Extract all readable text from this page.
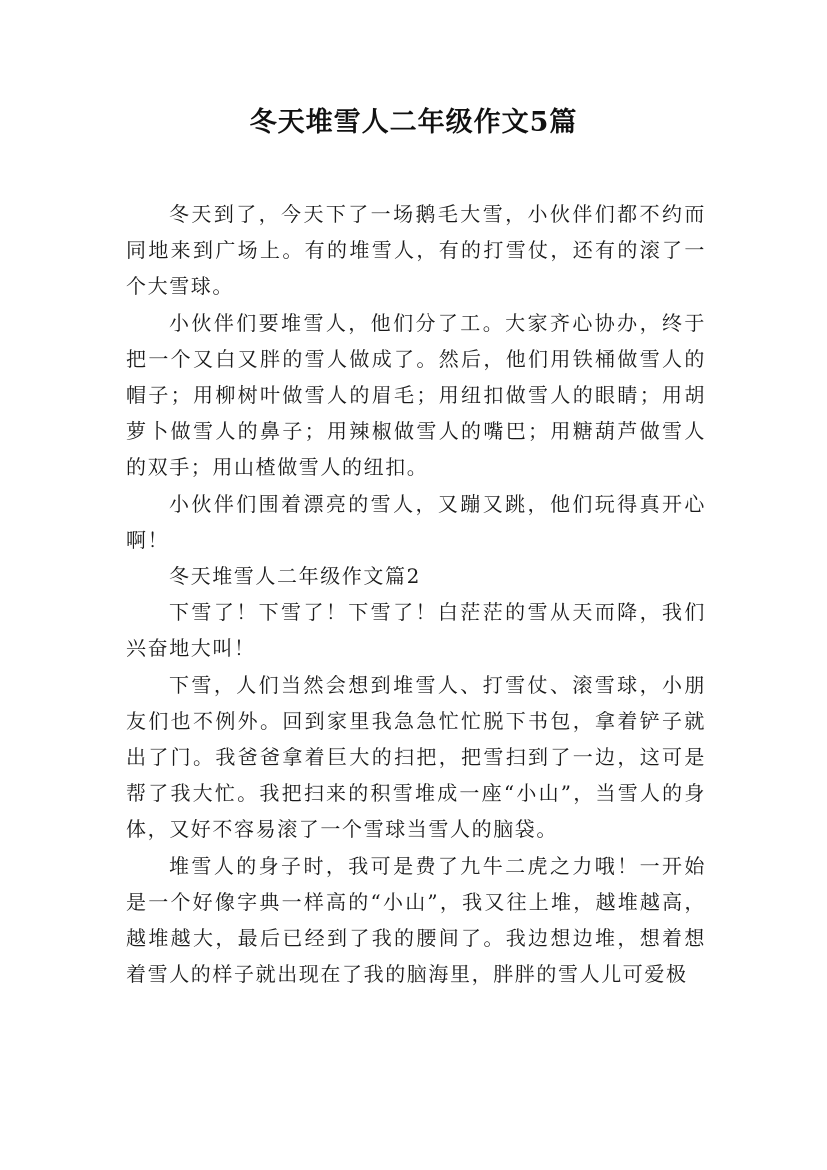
冬天堆雪人二年级作文5篇

冬天到了，今天下了一场鹅毛大雪，小伙伴们都不约而同地来到广场上。有的堆雪人，有的打雪仗，还有的滚了一个大雪球。

小伙伴们要堆雪人，他们分了工。大家齐心协办，终于把一个又白又胖的雪人做成了。然后，他们用铁桶做雪人的帽子；用柳树叶做雪人的眉毛；用纽扣做雪人的眼睛；用胡萝卜做雪人的鼻子；用辣椒做雪人的嘴巴；用糖葫芦做雪人的双手；用山楂做雪人的纽扣。

小伙伴们围着漂亮的雪人，又蹦又跳，他们玩得真开心啊！

冬天堆雪人二年级作文篇2

下雪了！下雪了！下雪了！白茫茫的雪从天而降，我们兴奋地大叫！

下雪，人们当然会想到堆雪人、打雪仗、滚雪球，小朋友们也不例外。回到家里我急急忙忙脱下书包，拿着铲子就出了门。我爸爸拿着巨大的扫把，把雪扫到了一边，这可是帮了我大忙。我把扫来的积雪堆成一座“小山”，当雪人的身体，又好不容易滚了一个雪球当雪人的脑袋。

堆雪人的身子时，我可是费了九牛二虎之力哦！一开始是一个好像字典一样高的“小山”，我又往上堆，越堆越高，越堆越大，最后已经到了我的腰间了。我边想边堆，想着想着雪人的样子就出现在了我的脑海里，胖胖的雪人儿可爱极
